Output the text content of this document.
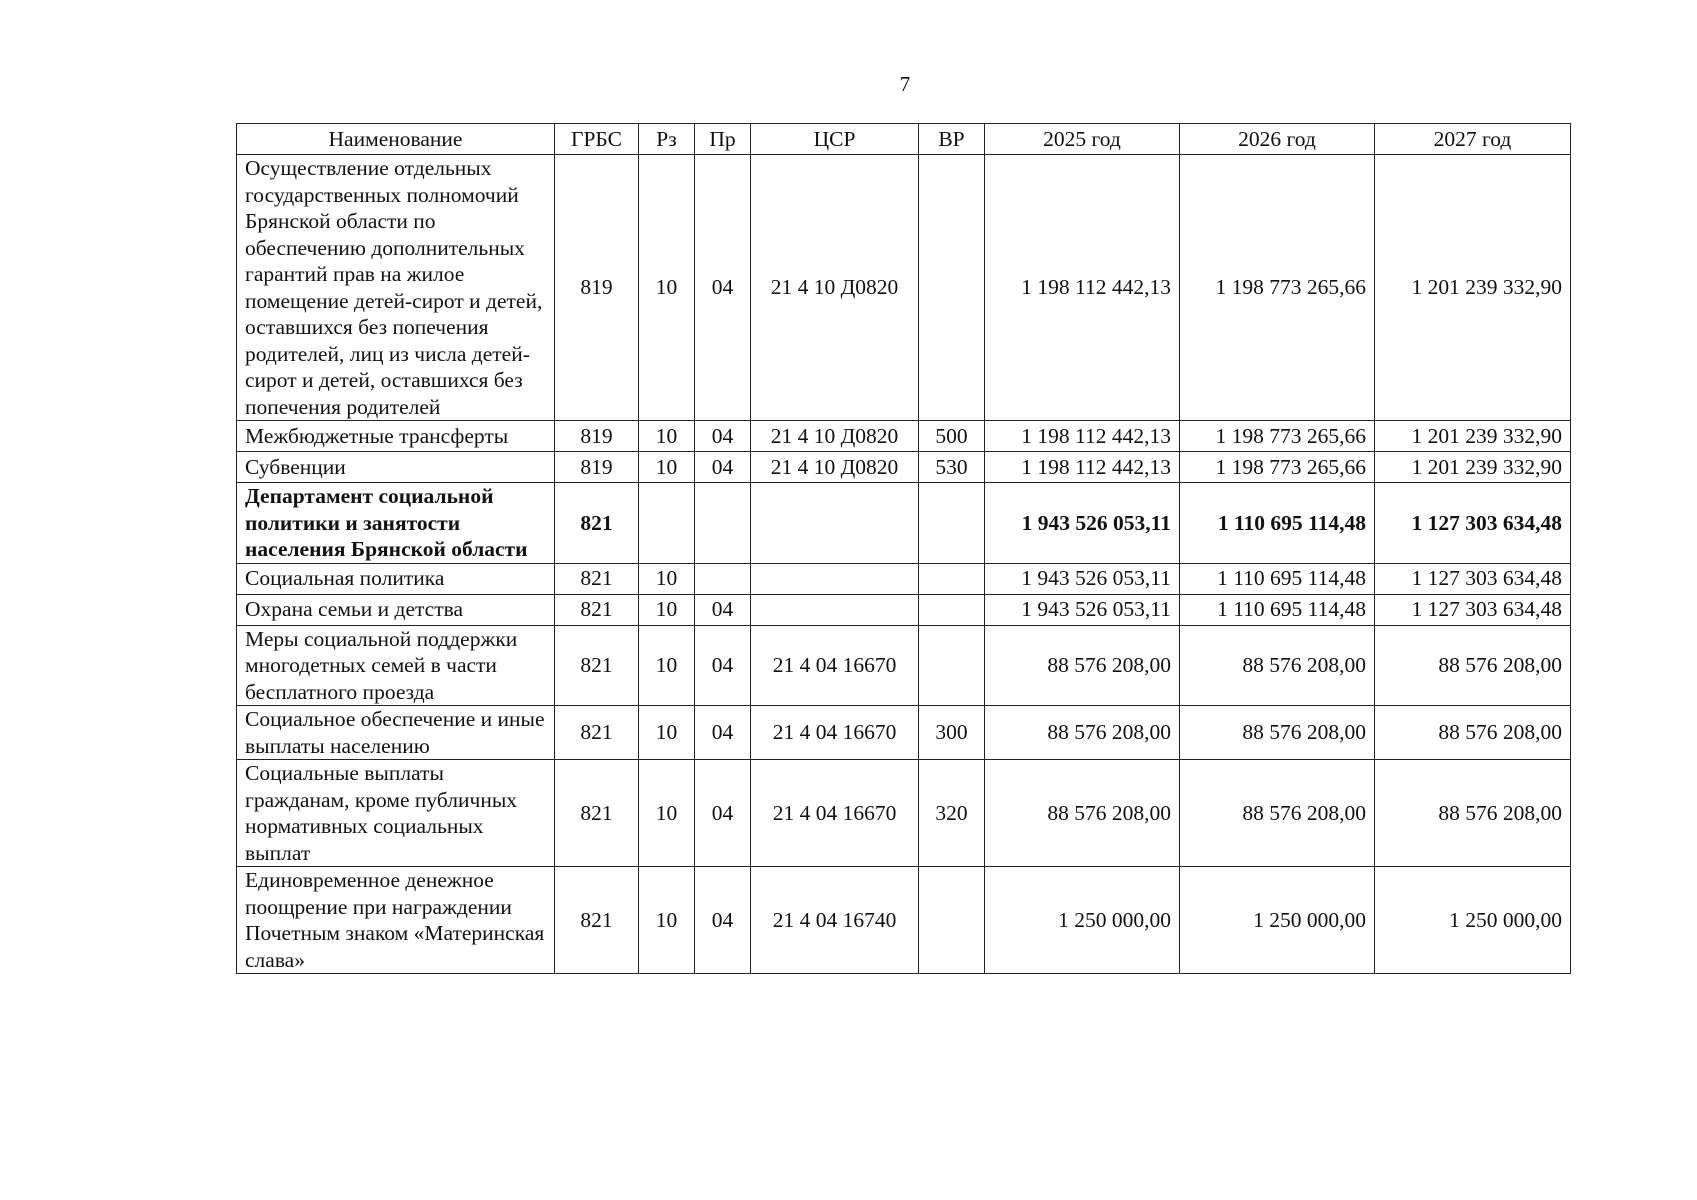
7
Наименование	ГРБС	Рз	Пр	ЦСР	ВР	2025 год	2026 год	2027 год
Осуществление отдельных государственных полномочий Брянской области по обеспечению дополнительных гарантий прав на жилое помещение детей-сирот и детей, оставшихся без попечения родителей, лиц из числа детей-сирот и детей, оставшихся без попечения родителей	819	10	04	21 4 10 Д0820		1 198 112 442,13	1 198 773 265,66	1 201 239 332,90
Межбюджетные трансферты	819	10	04	21 4 10 Д0820	500	1 198 112 442,13	1 198 773 265,66	1 201 239 332,90
Субвенции	819	10	04	21 4 10 Д0820	530	1 198 112 442,13	1 198 773 265,66	1 201 239 332,90
Департамент социальной политики и занятости населения Брянской области	821					1 943 526 053,11	1 110 695 114,48	1 127 303 634,48
Социальная политика	821	10				1 943 526 053,11	1 110 695 114,48	1 127 303 634,48
Охрана семьи и детства	821	10	04			1 943 526 053,11	1 110 695 114,48	1 127 303 634,48
Меры социальной поддержки многодетных семей в части бесплатного проезда	821	10	04	21 4 04 16670		88 576 208,00	88 576 208,00	88 576 208,00
Социальное обеспечение и иные выплаты населению	821	10	04	21 4 04 16670	300	88 576 208,00	88 576 208,00	88 576 208,00
Социальные выплаты гражданам, кроме публичных нормативных социальных выплат	821	10	04	21 4 04 16670	320	88 576 208,00	88 576 208,00	88 576 208,00
Единовременное денежное поощрение при награждении Почетным знаком «Материнская слава»	821	10	04	21 4 04 16740		1 250 000,00	1 250 000,00	1 250 000,00
